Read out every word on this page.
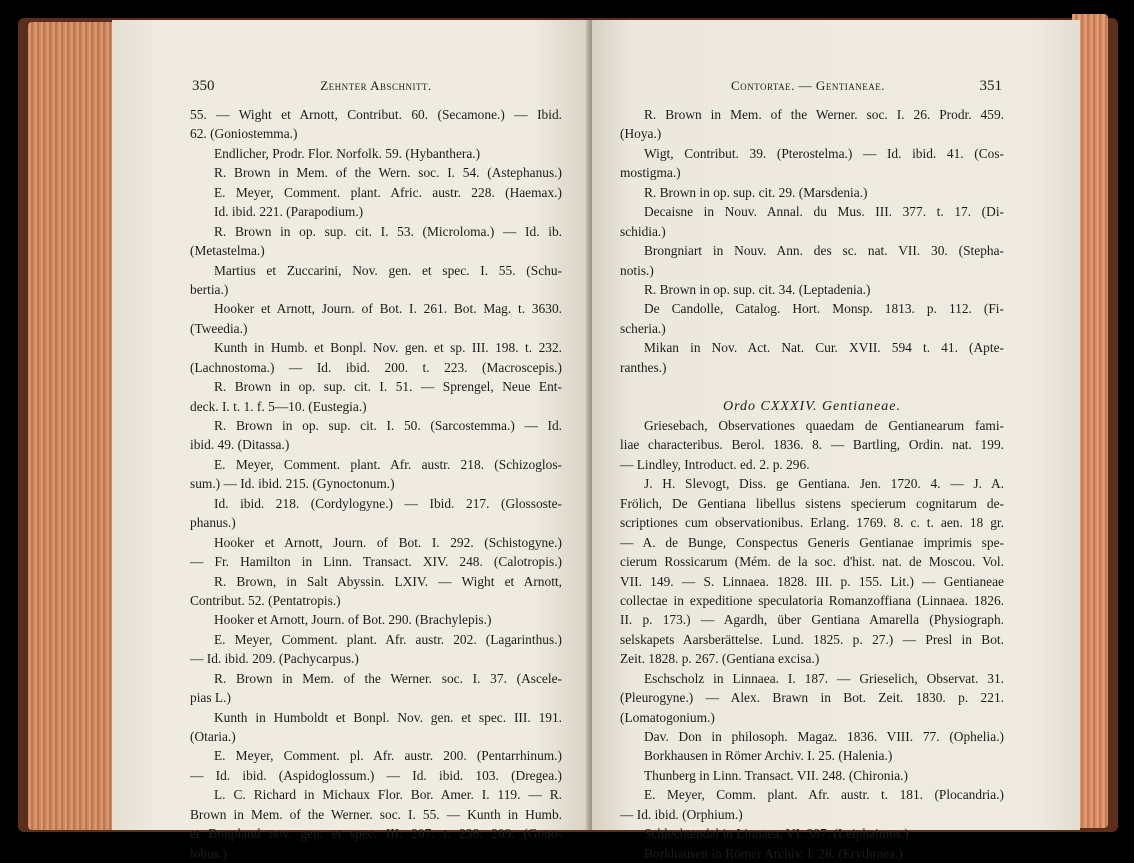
350	Zehnter Abschnitt.
55. — Wight et Arnott, Contribut. 60. (Secamone.) — Ibid.
62. (Goniostemma.)
Endlicher, Prodr. Flor. Norfolk. 59. (Hybanthera.)
R. Brown in Mem. of the Wern. soc. I. 54. (Astephanus.)
E. Meyer, Comment. plant. Afric. austr. 228. (Haemax.)
Id. ibid. 221. (Parapodium.)
R. Brown in op. sup. cit. I. 53. (Microloma.) — Id. ib.
(Metastelma.)
Martius et Zuccarini, Nov. gen. et spec. I. 55. (Schu-
bertia.)
Hooker et Arnott, Journ. of Bot. I. 261. Bot. Mag. t. 3630.
(Tweedia.)
Kunth in Humb. et Bonpl. Nov. gen. et sp. III. 198. t. 232.
(Lachnostoma.) — Id. ibid. 200. t. 223. (Macroscepis.)
R. Brown in op. sup. cit. I. 51. — Sprengel, Neue Ent-
deck. I. t. 1. f. 5—10. (Eustegia.)
R. Brown in op. sup. cit. I. 50. (Sarcostemma.) — Id.
ibid. 49. (Ditassa.)
E. Meyer, Comment. plant. Afr. austr. 218. (Schizoglos-
sum.) — Id. ibid. 215. (Gynoctonum.)
Id. ibid. 218. (Cordylogyne.) — Ibid. 217. (Glossoste-
phanus.)
Hooker et Arnott, Journ. of Bot. I. 292. (Schistogyne.)
— Fr. Hamilton in Linn. Transact. XIV. 248. (Calotropis.)
R. Brown, in Salt Abyssin. LXIV. — Wight et Arnott,
Contribut. 52. (Pentatropis.)
Hooker et Arnott, Journ. of Bot. 290. (Brachylepis.)
E. Meyer, Comment. plant. Afr. austr. 202. (Lagarinthus.)
— Id. ibid. 209. (Pachycarpus.)
R. Brown in Mem. of the Werner. soc. I. 37. (Ascele-
pias L.)
Kunth in Humboldt et Bonpl. Nov. gen. et spec. III. 191.
(Otaria.)
E. Meyer, Comment. pl. Afr. austr. 200. (Pentarrhinum.)
— Id. ibid. (Aspidoglossum.) — Id. ibid. 103. (Dregea.)
L. C. Richard in Michaux Flor. Bor. Amer. I. 119. — R.
Brown in Mem. of the Werner. soc. I. 55. — Kunth in Humb.
et Bonpland nov. gen. et spec. III. 207. t. 238. 209. (Gono-
lobus.)
Contortae. — Gentianeae.	351
R. Brown in Mem. of the Werner. soc. I. 26. Prodr. 459.
(Hoya.)
Wigt, Contribut. 39. (Pterostelma.) — Id. ibid. 41. (Cos-
mostigma.)
R. Brown in op. sup. cit. 29. (Marsdenia.)
Decaisne in Nouv. Annal. du Mus. III. 377. t. 17. (Di-
schidia.)
Brongniart in Nouv. Ann. des sc. nat. VII. 30. (Stepha-
notis.)
R. Brown in op. sup. cit. 34. (Leptadenia.)
De Candolle, Catalog. Hort. Monsp. 1813. p. 112. (Fi-
scheria.)
Mikan in Nov. Act. Nat. Cur. XVII. 594 t. 41. (Apte-
ranthes.)
Ordo CXXXIV. Gentianeae.
Griesebach, Observationes quaedam de Gentianearum fami-
liae characteribus. Berol. 1836. 8. — Bartling, Ordin. nat. 199.
— Lindley, Introduct. ed. 2. p. 296.
J. H. Slevogt, Diss. ge Gentiana. Jen. 1720. 4. — J. A.
Frölich, De Gentiana libellus sistens specierum cognitarum de-
scriptiones cum observationibus. Erlang. 1769. 8. c. t. aen. 18 gr.
— A. de Bunge, Conspectus Generis Gentianae imprimis spe-
cierum Rossicarum (Mém. de la soc. d'hist. nat. de Moscou. Vol.
VII. 149. — S. Linnaea. 1828. III. p. 155. Lit.) — Gentianeae
collectae in expeditione speculatoria Romanzoffiana (Linnaea. 1826.
II. p. 173.) — Agardh, über Gentiana Amarella (Physiograph.
selskapets Aarsberättelse. Lund. 1825. p. 27.) — Presl in Bot.
Zeit. 1828. p. 267. (Gentiana excisa.)
Eschscholz in Linnaea. I. 187. — Grieselich, Observat. 31.
(Pleurogyne.) — Alex. Brawn in Bot. Zeit. 1830. p. 221.
(Lomatogonium.)
Dav. Don in philosoph. Magaz. 1836. VIII. 77. (Ophelia.)
Borkhausen in Römer Archiv. I. 25. (Halenia.)
Thunberg in Linn. Transact. VII. 248. (Chironia.)
E. Meyer, Comm. plant. Afr. austr. t. 181. (Plocandria.)
— Id. ibid. (Orphium.)
Schlechtendal in Linnaea. VI. 387. (Leiphaimos.)
Borkhausen in Römer Archiv. I. 28. (Erythraea.)
